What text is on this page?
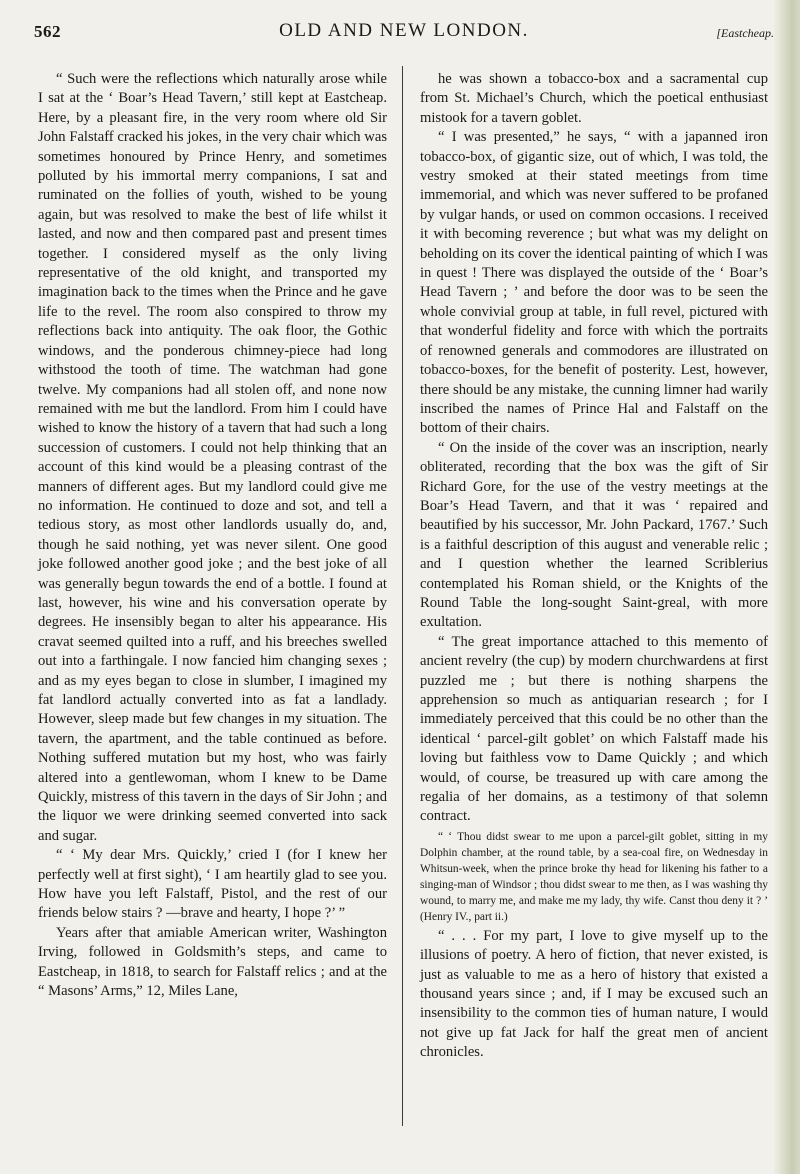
562	OLD AND NEW LONDON.	[Eastcheap.

“ Such were the reflections which naturally arose while I sat at the ‘ Boar’s Head Tavern,’ still kept at Eastcheap. Here, by a pleasant fire, in the very room where old Sir John Falstaff cracked his jokes, in the very chair which was sometimes honoured by Prince Henry, and sometimes polluted by his immortal merry companions, I sat and ruminated on the follies of youth, wished to be young again, but was resolved to make the best of life whilst it lasted, and now and then compared past and present times together. I considered myself as the only living representative of the old knight, and transported my imagination back to the times when the Prince and he gave life to the revel. The room also conspired to throw my reflections back into antiquity. The oak floor, the Gothic windows, and the ponderous chimney-piece had long withstood the tooth of time. The watchman had gone twelve. My companions had all stolen off, and none now remained with me but the landlord. From him I could have wished to know the history of a tavern that had such a long succession of customers. I could not help thinking that an account of this kind would be a pleasing contrast of the manners of different ages. But my landlord could give me no information. He continued to doze and sot, and tell a tedious story, as most other landlords usually do, and, though he said nothing, yet was never silent. One good joke followed another good joke ; and the best joke of all was generally begun towards the end of a bottle. I found at last, however, his wine and his conversation operate by degrees. He insensibly began to alter his appearance. His cravat seemed quilted into a ruff, and his breeches swelled out into a farthingale. I now fancied him changing sexes ; and as my eyes began to close in slumber, I imagined my fat landlord actually converted into as fat a landlady. However, sleep made but few changes in my situation. The tavern, the apartment, and the table continued as before. Nothing suffered mutation but my host, who was fairly altered into a gentlewoman, whom I knew to be Dame Quickly, mistress of this tavern in the days of Sir John ; and the liquor we were drinking seemed converted into sack and sugar.

“ ‘ My dear Mrs. Quickly,’ cried I (for I knew her perfectly well at first sight), ‘ I am heartily glad to see you. How have you left Falstaff, Pistol, and the rest of our friends below stairs ? —brave and hearty, I hope ?’ ”

Years after that amiable American writer, Washington Irving, followed in Goldsmith’s steps, and came to Eastcheap, in 1818, to search for Falstaff relics ; and at the “ Masons’ Arms,” 12, Miles Lane,

he was shown a tobacco-box and a sacramental cup from St. Michael’s Church, which the poetical enthusiast mistook for a tavern goblet.

“ I was presented,” he says, “ with a japanned iron tobacco-box, of gigantic size, out of which, I was told, the vestry smoked at their stated meetings from time immemorial, and which was never suffered to be profaned by vulgar hands, or used on common occasions. I received it with becoming reverence ; but what was my delight on beholding on its cover the identical painting of which I was in quest ! There was displayed the outside of the ‘ Boar’s Head Tavern ; ’ and before the door was to be seen the whole convivial group at table, in full revel, pictured with that wonderful fidelity and force with which the portraits of renowned generals and commodores are illustrated on tobacco-boxes, for the benefit of posterity. Lest, however, there should be any mistake, the cunning limner had warily inscribed the names of Prince Hal and Falstaff on the bottom of their chairs.

“ On the inside of the cover was an inscription, nearly obliterated, recording that the box was the gift of Sir Richard Gore, for the use of the vestry meetings at the Boar’s Head Tavern, and that it was ‘ repaired and beautified by his successor, Mr. John Packard, 1767.’ Such is a faithful description of this august and venerable relic ; and I question whether the learned Scriblerius contemplated his Roman shield, or the Knights of the Round Table the long-sought Saint-greal, with more exultation.

“ The great importance attached to this memento of ancient revelry (the cup) by modern churchwardens at first puzzled me ; but there is nothing sharpens the apprehension so much as antiquarian research ; for I immediately perceived that this could be no other than the identical ‘ parcel-gilt goblet’ on which Falstaff made his loving but faithless vow to Dame Quickly ; and which would, of course, be treasured up with care among the regalia of her domains, as a testimony of that solemn contract.

“ ‘ Thou didst swear to me upon a parcel-gilt goblet, sitting in my Dolphin chamber, at the round table, by a sea-coal fire, on Wednesday in Whitsun-week, when the prince broke thy head for likening his father to a singing-man of Windsor ; thou didst swear to me then, as I was washing thy wound, to marry me, and make me my lady, thy wife. Canst thou deny it ? ’ (Henry IV., part ii.)

“ . . . For my part, I love to give myself up to the illusions of poetry. A hero of fiction, that never existed, is just as valuable to me as a hero of history that existed a thousand years since ; and, if I may be excused such an insensibility to the common ties of human nature, I would not give up fat Jack for half the great men of ancient chronicles.
